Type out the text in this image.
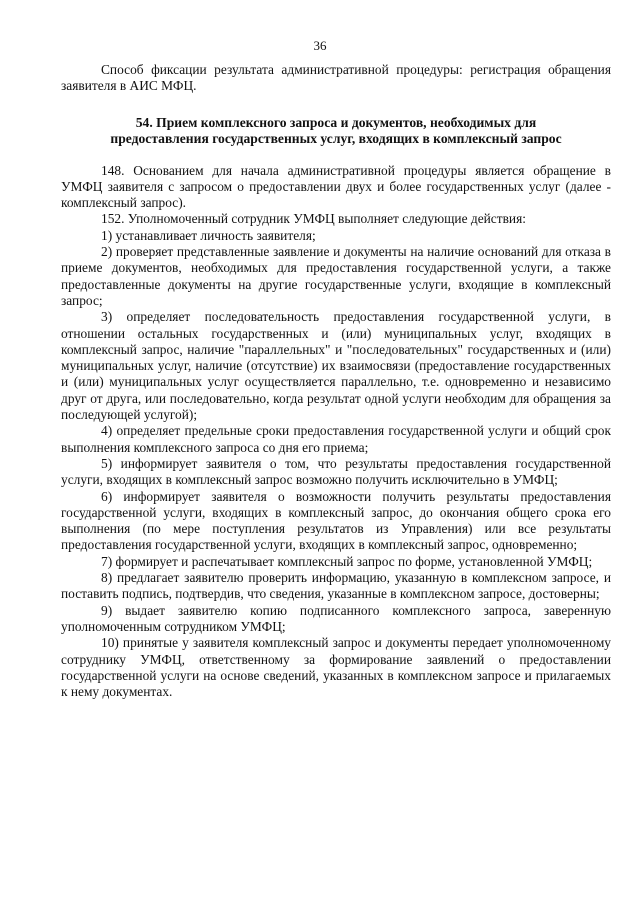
36

Способ фиксации результата административной процедуры: регистрация обращения заявителя в АИС МФЦ.

54. Прием комплексного запроса и документов, необходимых для
предоставления государственных услуг, входящих в комплексный запрос

148. Основанием для начала административной процедуры является обращение в УМФЦ заявителя с запросом о предоставлении двух и более государственных услуг (далее - комплексный запрос).

152. Уполномоченный сотрудник УМФЦ выполняет следующие действия:

1) устанавливает личность заявителя;

2) проверяет представленные заявление и документы на наличие оснований для отказа в приеме документов, необходимых для предоставления государственной услуги, а также предоставленные документы на другие государственные услуги, входящие в комплексный запрос;

3) определяет последовательность предоставления государственной услуги, в отношении остальных государственных и (или) муниципальных услуг, входящих в комплексный запрос, наличие "параллельных" и "последовательных" государственных и (или) муниципальных услуг, наличие (отсутствие) их взаимосвязи (предоставление государственных и (или) муниципальных услуг осуществляется параллельно, т.е. одновременно и независимо друг от друга, или последовательно, когда результат одной услуги необходим для обращения за последующей услугой);

4) определяет предельные сроки предоставления государственной услуги и общий срок выполнения комплексного запроса со дня его приема;

5) информирует заявителя о том, что результаты предоставления государственной услуги, входящих в комплексный запрос возможно получить исключительно в УМФЦ;

6) информирует заявителя о возможности получить результаты предоставления государственной услуги, входящих в комплексный запрос, до окончания общего срока его выполнения (по мере поступления результатов из Управления) или все результаты предоставления государственной услуги, входящих в комплексный запрос, одновременно;

7) формирует и распечатывает комплексный запрос по форме, установленной УМФЦ;

8) предлагает заявителю проверить информацию, указанную в комплексном запросе, и поставить подпись, подтвердив, что сведения, указанные в комплексном запросе, достоверны;

9) выдает заявителю копию подписанного комплексного запроса, заверенную уполномоченным сотрудником УМФЦ;

10) принятые у заявителя комплексный запрос и документы передает уполномоченному сотруднику УМФЦ, ответственному за формирование заявлений о предоставлении государственной услуги на основе сведений, указанных в комплексном запросе и прилагаемых к нему документах.
